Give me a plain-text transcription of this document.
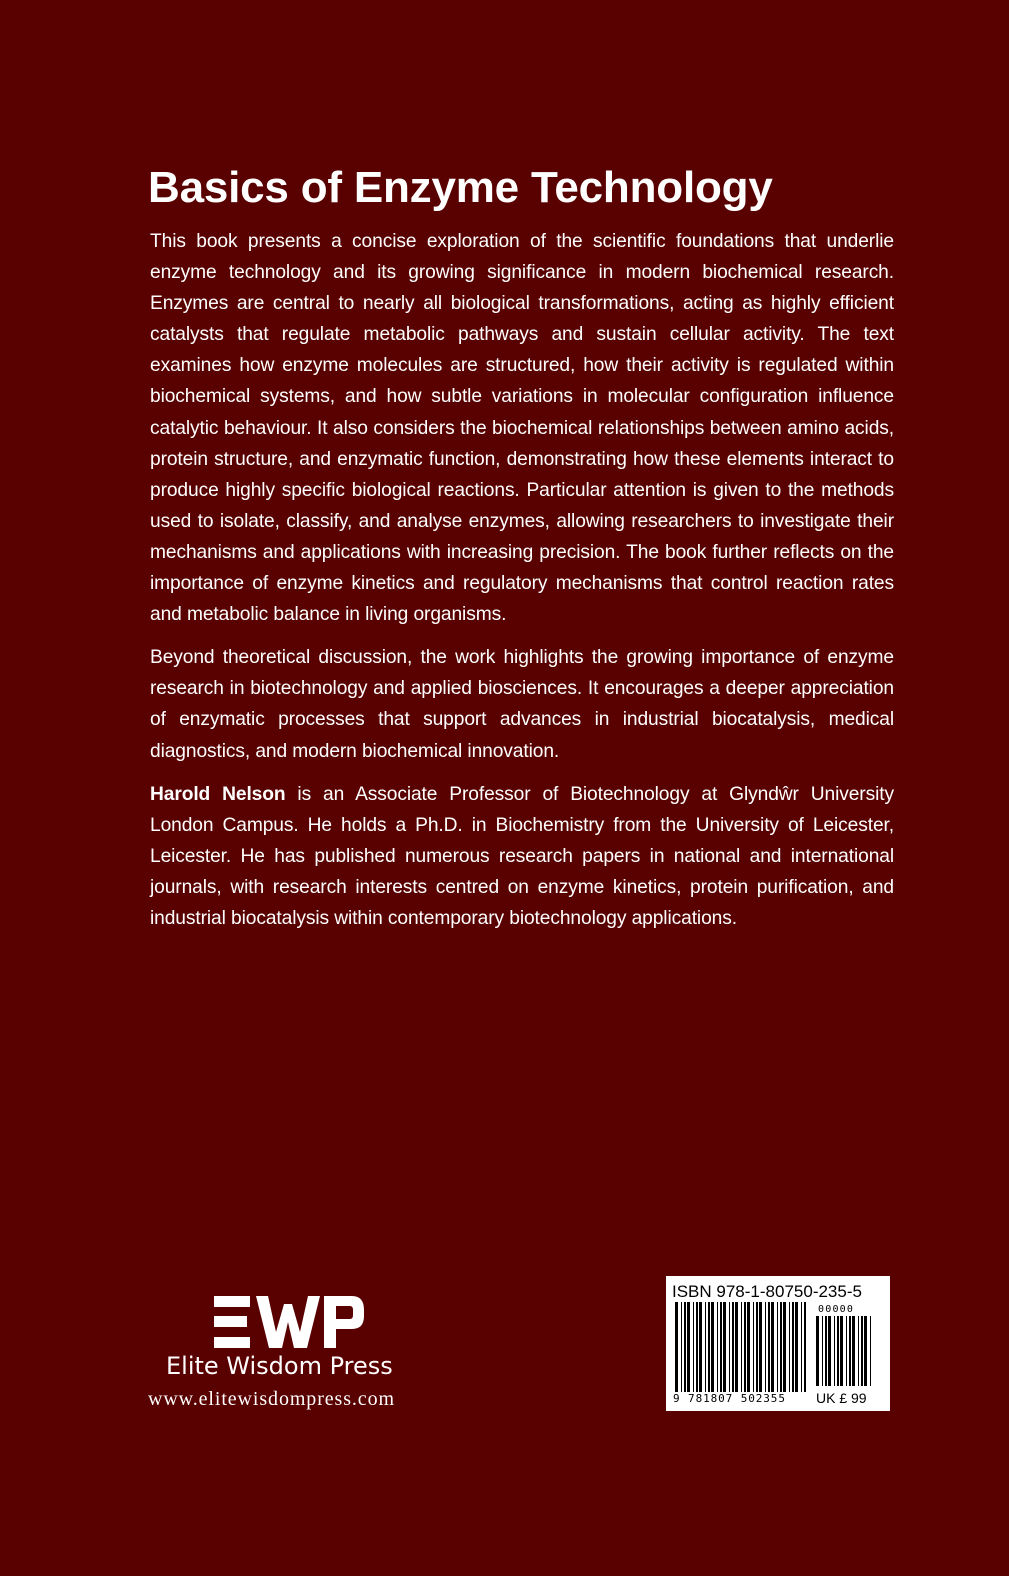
Basics of Enzyme Technology

This book presents a concise exploration of the scientific foundations that underlie enzyme technology and its growing significance in modern biochemical research. Enzymes are central to nearly all biological transformations, acting as highly efficient catalysts that regulate metabolic pathways and sustain cellular activity. The text examines how enzyme molecules are structured, how their activity is regulated within biochemical systems, and how subtle variations in molecular configuration influence catalytic behaviour. It also considers the biochemical relationships between amino acids, protein structure, and enzymatic function, demonstrating how these elements interact to produce highly specific biological reactions. Particular attention is given to the methods used to isolate, classify, and analyse enzymes, allowing researchers to investigate their mechanisms and applications with increasing precision. The book further reflects on the importance of enzyme kinetics and regulatory mechanisms that control reaction rates and metabolic balance in living organisms.

Beyond theoretical discussion, the work highlights the growing importance of enzyme research in biotechnology and applied biosciences. It encourages a deeper appreciation of enzymatic processes that support advances in industrial biocatalysis, medical diagnostics, and modern biochemical innovation.

Harold Nelson is an Associate Professor of Biotechnology at Glyndŵr University London Campus. He holds a Ph.D. in Biochemistry from the University of Leicester, Leicester. He has published numerous research papers in national and international journals, with research interests centred on enzyme kinetics, protein purification, and industrial biocatalysis within contemporary biotechnology applications.

Elite Wisdom Press
www.elitewisdompress.com
ISBN 978-1-80750-235-5
00000
9 781807 502355 UK £ 99
